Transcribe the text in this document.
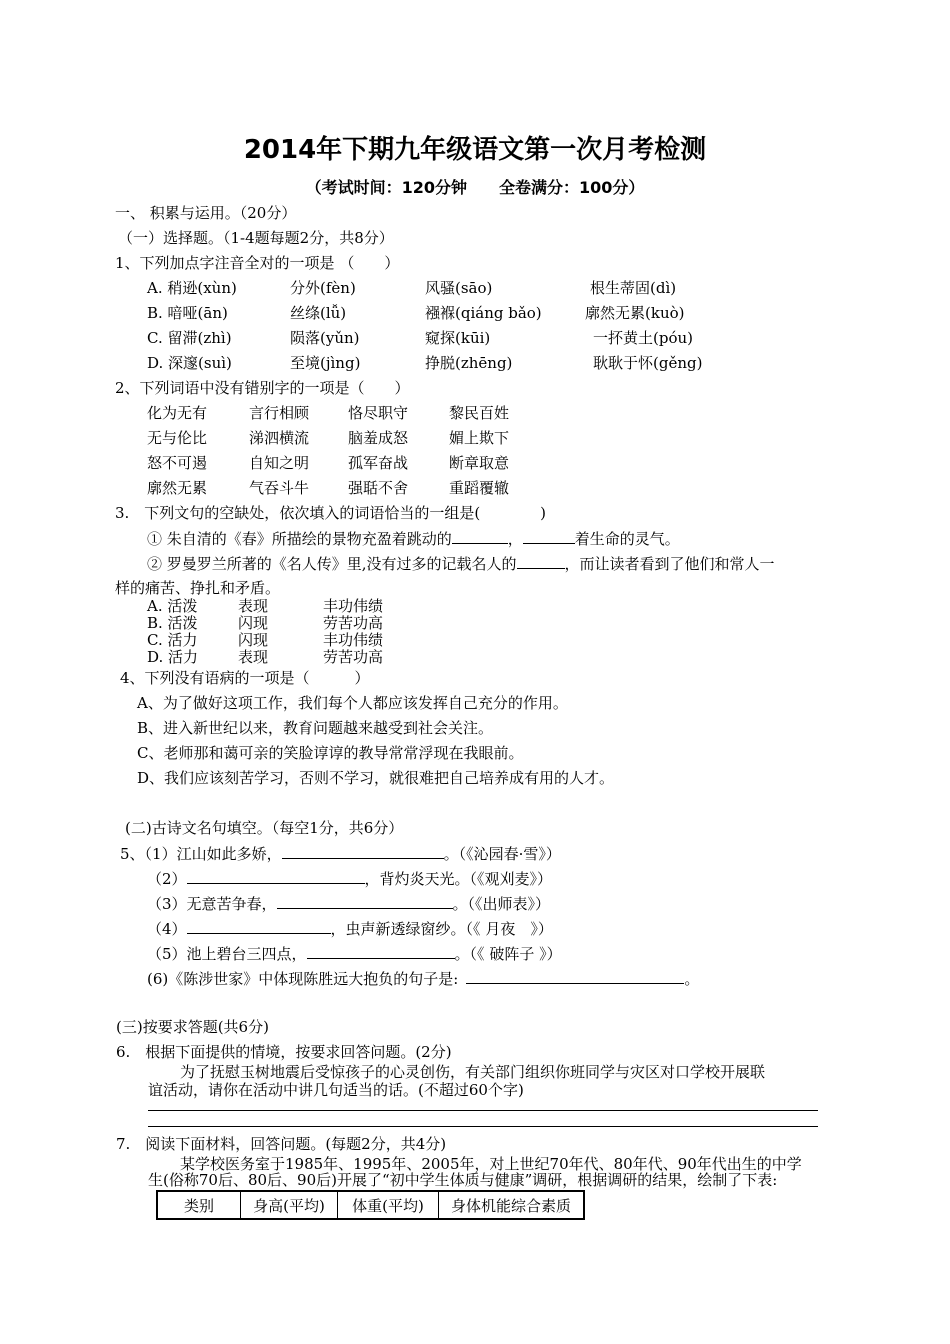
2014年下期九年级语文第一次月考检测
（考试时间：120分钟　　全卷满分：100分）
一、 积累与运用。（20分）
（一）选择题。（1-4题每题2分，共8分）
1、下列加点字注音全对的一项是 （　　）
A. 稍逊(xùn)	分外(fèn)	风骚(sāo)	根生蒂固(dì)
B. 喑哑(ān)	丝绦(lǚ)	襁褓(qiáng bǎo)	廓然无累(kuò)
C. 留滞(zhì)	陨落(yǔn)	窥探(kūi)	一抔黄土(póu)
D. 深邃(suì)	至境(jìng)	挣脱(zhēng)	耿耿于怀(gěng)
2、下列词语中没有错别字的一项是（　　）
化为无有	言行相顾	恪尽职守	黎民百姓
无与伦比	涕泗横流	脑羞成怒	媚上欺下
怒不可遏	自知之明	孤军奋战	断章取意
廓然无累	气吞斗牛	强聒不舍	重蹈覆辙
3.　下列文句的空缺处，依次填入的词语恰当的一组是(　　　　)
① 朱自清的《春》所描绘的景物充盈着跳动的	，	着生命的灵气。
② 罗曼罗兰所著的《名人传》里,没有过多的记载名人的	，而让读者看到了他们和常人一
样的痛苦、挣扎和矛盾。
A. 活泼	表现	丰功伟绩
B. 活泼	闪现	劳苦功高
C. 活力	闪现	丰功伟绩
D. 活力	表现	劳苦功高
4、下列没有语病的一项是（　　　）
A、为了做好这项工作，我们每个人都应该发挥自己充分的作用。
B、进入新世纪以来，教育问题越来越受到社会关注。
C、老师那和蔼可亲的笑脸谆谆的教导常常浮现在我眼前。
D、我们应该刻苦学习，否则不学习，就很难把自己培养成有用的人才。
(二)古诗文名句填空。（每空1分，共6分）
5、（1）江山如此多娇，	。（《沁园春·雪》）
（2）	，背灼炎天光。（《观刈麦》）
（3）无意苦争春，	。（《出师表》）
（4）	，虫声新透绿窗纱。（《 月夜　》）
（5）池上碧台三四点，	。（《 破阵子 》）
(6)《陈涉世家》中体现陈胜远大抱负的句子是:	。
(三)按要求答题(共6分)
6.　根据下面提供的情境，按要求回答问题。(2分)
为了抚慰玉树地震后受惊孩子的心灵创伤，有关部门组织你班同学与灾区对口学校开展联
谊活动，请你在活动中讲几句适当的话。(不超过60个字)
7.　阅读下面材料，回答问题。(每题2分，共4分)
某学校医务室于1985年、1995年、2005年，对上世纪70年代、80年代、90年代出生的中学
生(俗称70后、80后、90后)开展了“初中学生体质与健康”调研，根据调研的结果，绘制了下表:
类别	身高(平均)	体重(平均)	身体机能综合素质
